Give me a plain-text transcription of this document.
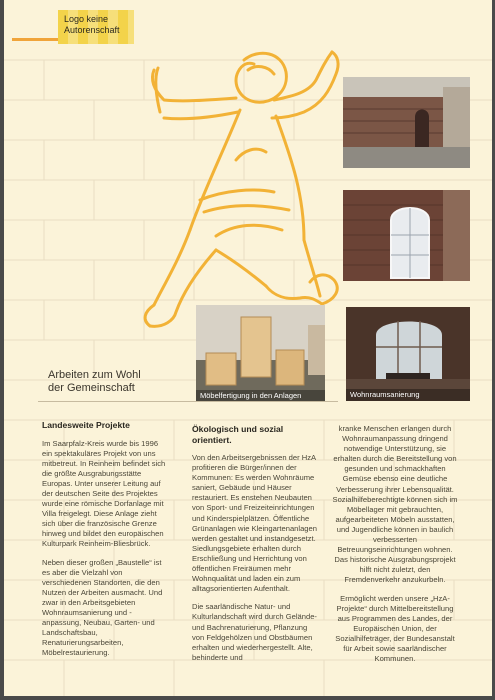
Logo keine
Autorenschaft
Möbelfertigung in den Anlagen	Wohnraumsanierung
Arbeiten zum Wohl
der Gemeinschaft
Landesweite Projekte

Im Saarpfalz-Kreis wurde bis 1996 ein spektakuläres Projekt von uns mitbetreut. In Reinheim befindet sich die größte Ausgrabungsstätte Europas. Unter unserer Leitung auf der deutschen Seite des Projektes wurde eine römische Dorfanlage mit Villa freigelegt. Diese Anlage zieht sich über die französische Grenze hinweg und bildet den europäischen Kulturpark Reinheim-Bliesbrück.

Neben dieser großen „Baustelle“ ist es aber die Vielzahl von verschiedenen Standorten, die den Nutzen der Arbeiten ausmacht. Und zwar in den Arbeitsgebieten Wohnraumsanierung und -anpassung, Neubau, Garten- und Landschaftsbau, Renaturierungsarbeiten, Möbelrestaurierung.

Ökologisch und sozial orientiert.

Von den Arbeitsergebnissen der HzA profitieren die Bürger/innen der Kommunen: Es werden Wohnräume saniert, Gebäude und Häuser restauriert. Es enstehen Neubauten von Sport- und Freizeiteinrichtungen und Kinderspielplätzen. Öffentliche Grünanlagen wie Kleingartenanlagen werden gestaltet und instandgesetzt. Siedlungsgebiete erhalten durch Erschließung und Herrichtung von öffentlichen Freiräumen mehr Wohnqualität und laden ein zum alltagsorientierten Aufenthalt.

Die saarländische Natur- und Kulturlandschaft wird durch Gelände- und Bachrenaturierung, Pflanzung von Feldgehölzen und Obstbäumen erhalten und wiederhergestellt. Alte, behinderte und

kranke Menschen erlangen durch Wohnraumanpassung dringend notwendige Unterstützung, sie erhalten durch die Bereitstellung von gesunden und schmackhaften Gemüse ebenso eine deutliche Verbesserung ihrer Lebensqualität. Sozialhilfeberechtigte können sich im Möbellager mit gebrauchten, aufgearbeiteten Möbeln ausstatten, und Jugendliche können in baulich verbesserten Betreuungseinrichtungen wohnen. Das historische Ausgrabungsprojekt hilft nicht zuletzt, den Fremdenverkehr anzukurbeln.

Ermöglicht werden unsere „HzA-Projekte“ durch Mittelbereitstellung aus Programmen des Landes, der Europäischen Union, der Sozialhilfeträger, der Bundesanstalt für Arbeit sowie saarländischer Kommunen.
